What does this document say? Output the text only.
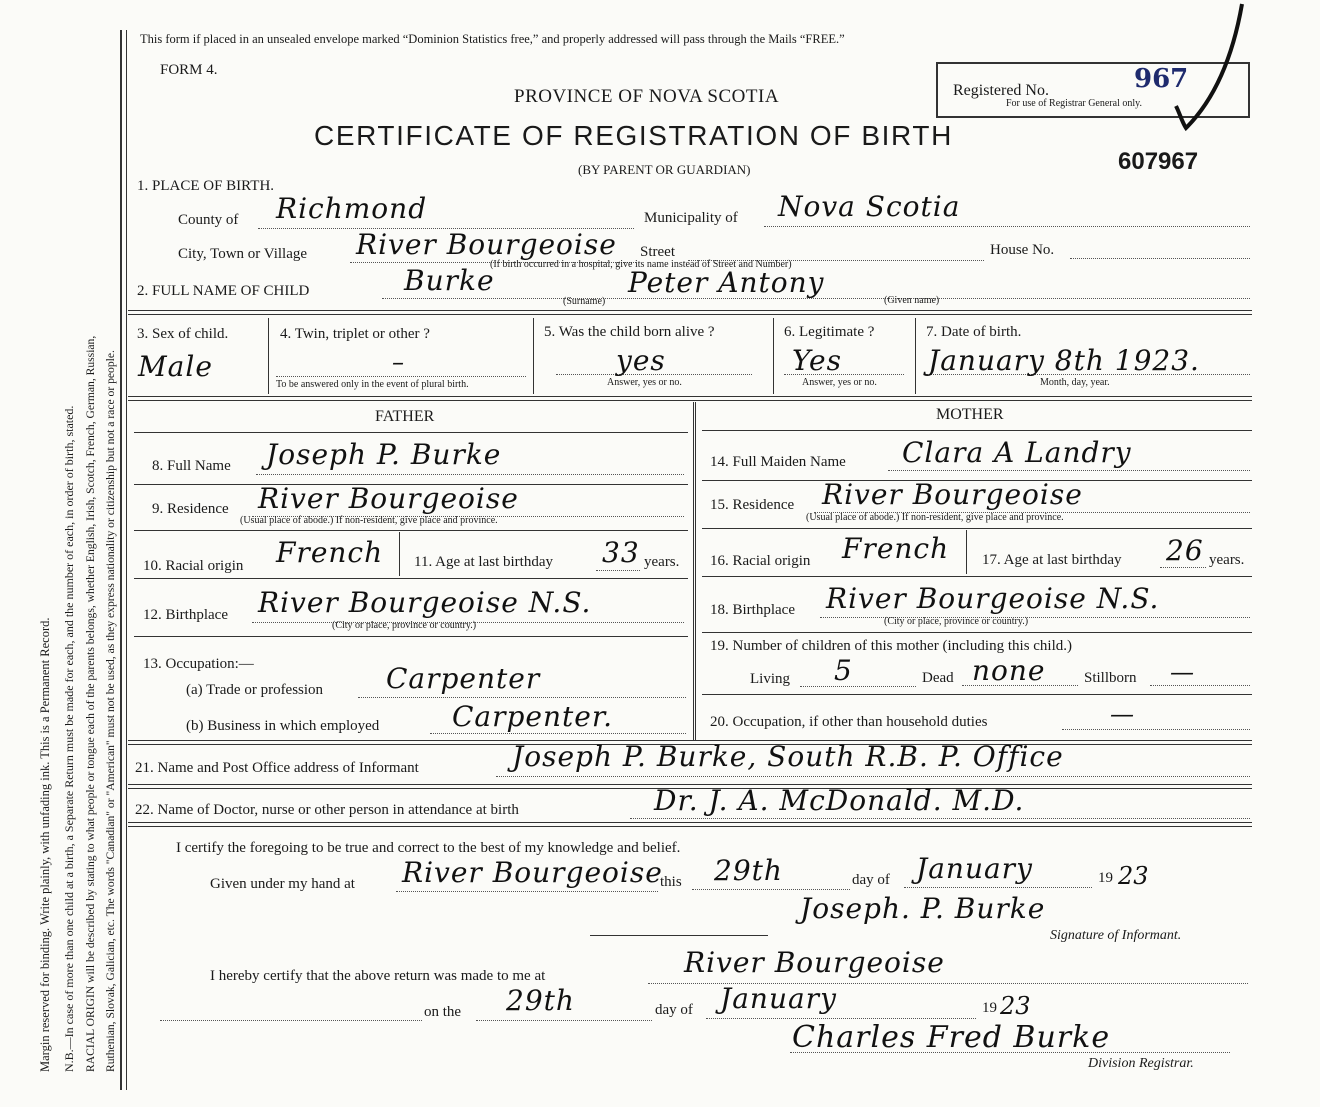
Margin reserved for binding. Write plainly, with unfading ink. This is a Permanent Record. N.B.—In case of more than one child at a birth, a Separate Return must be made for each, and the number of each, in order of birth, stated. RACIAL ORIGIN will be described by stating to what people or tongue each of the parents belongs, whether English, Irish, Scotch, French, German, Russian, Ruthenian, Slovak, Galician, etc. The words "Canadian" or "American" must not be used, as they express nationality or citizenship but not a race or people.
This form if placed in an unsealed envelope marked “Dominion Statistics free,” and properly addressed will pass through the Mails “FREE.”
FORM 4.
PROVINCE OF NOVA SCOTIA
CERTIFICATE OF REGISTRATION OF BIRTH
(BY PARENT OR GUARDIAN)
Registered No.	967
For use of Registrar General only.
607967
1. PLACE OF BIRTH.
County of Richmond	Municipality of Nova Scotia
City, Town or Village River Bourgeoise Street	House No.
(If birth occurred in a hospital, give its name instead of Street and Number)
2. FULL NAME OF CHILD	Burke	Peter Antony
(Surname)	(Given name)
3. Sex of child.
Male
4. Twin, triplet or other ?
–
To be answered only in the event of plural birth.
5. Was the child born alive ?
yes
Answer, yes or no.
6. Legitimate ?
Yes
Answer, yes or no.
7. Date of birth.
January 8th 1923.
Month, day, year.
FATHER
8. Full Name Joseph P. Burke
9. Residence River Bourgeoise
(Usual place of abode.) If non-resident, give place and province.
10. Racial origin French 11. Age at last birthday 33 years.
12. Birthplace River Bourgeoise N.S.
(City or place, province or country.)
13. Occupation:—
(a) Trade or profession Carpenter
(b) Business in which employed	Carpenter.
MOTHER
14. Full Maiden Name Clara A Landry
15. Residence River Bourgeoise
(Usual place of abode.) If non-resident, give place and province.
16. Racial origin French 17. Age at last birthday 26 years.
18. Birthplace River Bourgeoise N.S.
(City or place, province or country.)
19. Number of children of this mother (including this child.)
Living 5	Dead none	Stillborn —
20. Occupation, if other than household duties	—
21. Name and Post Office address of Informant	Joseph P. Burke, South R.B. P. Office
22. Name of Doctor, nurse or other person in attendance at birth	Dr. J. A. McDonald. M.D.
I certify the foregoing to be true and correct to the best of my knowledge and belief.
Given under my hand at River Bourgeoise
this 29th	day of January	19 23
Joseph. P. Burke
Signature of Informant.
I hereby certify that the above return was made to me at	River Bourgeoise
on the 29th	day of January	19 23
Charles Fred Burke
Division Registrar.
